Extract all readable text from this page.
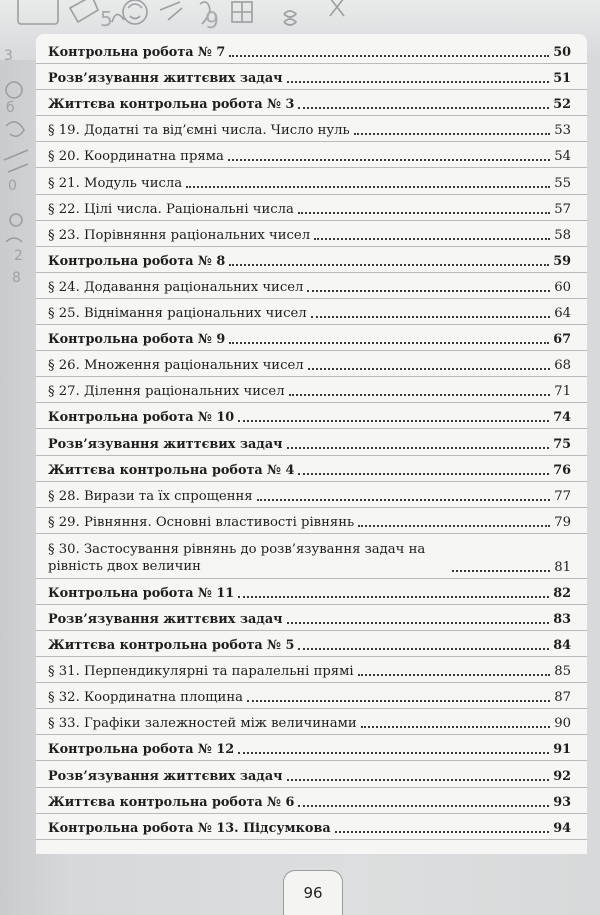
5	9
3
б
0
2
8
Контрольна робота № 7	50
Розв’язування життєвих задач	51
Життєва контрольна робота № 3	52
§ 19. Додатні та від’ємні числа. Число нуль	53
§ 20. Координатна пряма	54
§ 21. Модуль числа	55
§ 22. Цілі числа. Раціональні числа	57
§ 23. Порівняння раціональних чисел	58
Контрольна робота № 8	59
§ 24. Додавання раціональних чисел	60
§ 25. Віднімання раціональних чисел	64
Контрольна робота № 9	67
§ 26. Множення раціональних чисел	68
§ 27. Ділення раціональних чисел	71
Контрольна робота № 10	74
Розв’язування життєвих задач	75
Життєва контрольна робота № 4	76
§ 28. Вирази та їх спрощення	77
§ 29. Рівняння. Основні властивості рівнянь	79
§ 30. Застосування рівнянь до розв’язування задач на рівність двох величин	81
Контрольна робота № 11	82
Розв’язування життєвих задач	83
Життєва контрольна робота № 5	84
§ 31. Перпендикулярні та паралельні прямі	85
§ 32. Координатна площина	87
§ 33. Графіки залежностей між величинами	90
Контрольна робота № 12	91
Розв’язування життєвих задач	92
Життєва контрольна робота № 6	93
Контрольна робота № 13. Підсумкова	94
96
